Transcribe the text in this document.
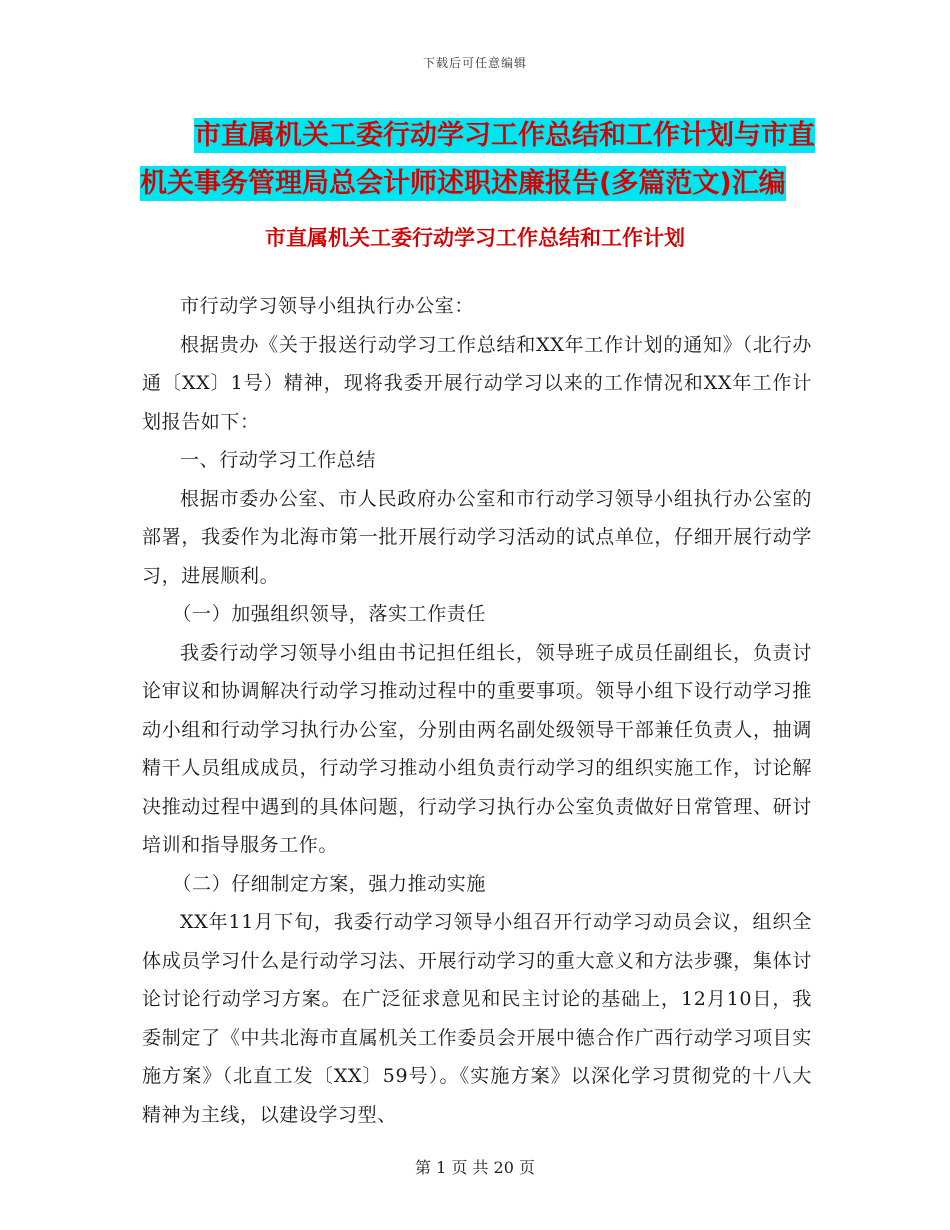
下载后可任意编辑
市直属机关工委行动学习工作总结和工作计划与市直
机关事务管理局总会计师述职述廉报告(多篇范文)汇编
市直属机关工委行动学习工作总结和工作计划

市行动学习领导小组执行办公室：

根据贵办《关于报送行动学习工作总结和XX年工作计划的通知》（北行办通〔XX〕1号）精神，现将我委开展行动学习以来的工作情况和XX年工作计划报告如下：

一、行动学习工作总结

根据市委办公室、市人民政府办公室和市行动学习领导小组执行办公室的部署，我委作为北海市第一批开展行动学习活动的试点单位，仔细开展行动学习，进展顺利。

（一）加强组织领导，落实工作责任

我委行动学习领导小组由书记担任组长，领导班子成员任副组长，负责讨论审议和协调解决行动学习推动过程中的重要事项。领导小组下设行动学习推动小组和行动学习执行办公室，分别由两名副处级领导干部兼任负责人，抽调精干人员组成成员，行动学习推动小组负责行动学习的组织实施工作，讨论解决推动过程中遇到的具体问题，行动学习执行办公室负责做好日常管理、研讨培训和指导服务工作。

（二）仔细制定方案，强力推动实施

XX年11月下旬，我委行动学习领导小组召开行动学习动员会议，组织全体成员学习什么是行动学习法、开展行动学习的重大意义和方法步骤，集体讨论讨论行动学习方案。在广泛征求意见和民主讨论的基础上，12月10日，我委制定了《中共北海市直属机关工作委员会开展中德合作广西行动学习项目实施方案》（北直工发〔XX〕59号）。《实施方案》以深化学习贯彻党的十八大精神为主线，以建设学习型、

第 1 页 共 20 页
